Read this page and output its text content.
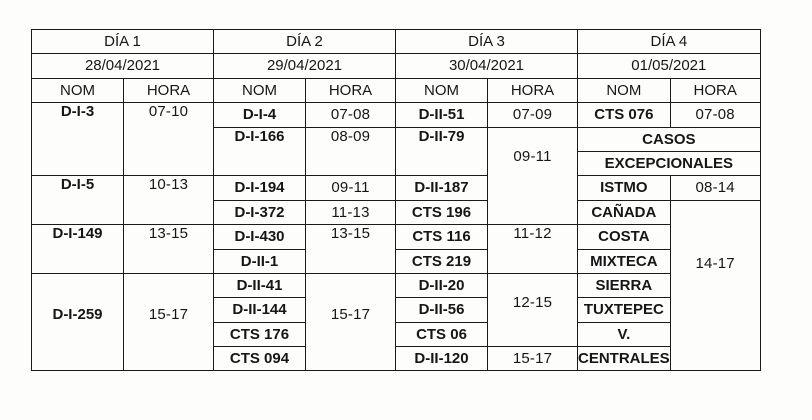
DÍA 1		DÍA 2		DÍA 3		DÍA 4	
28/04/2021		29/04/2021		30/04/2021		01/05/2021	
NOM	HORA	NOM	HORA	NOM	HORA	NOM	HORA
D-I-3	07-10	D-I-4	07-08	D-II-51	07-09	CTS 076	07-08
		D-I-166	08-09	D-II-79	09-11	CASOS	
						EXCEPCIONALES	
D-I-5	10-13	D-I-194	09-11	D-II-187		ISTMO	08-14
		D-I-372	11-13	CTS 196		CAÑADA	14-17
D-I-149	13-15	D-I-430	13-15	CTS 116	11-12	COSTA	
		D-II-1		CTS 219		MIXTECA	
D-I-259	15-17	D-II-41	15-17	D-II-20	12-15	SIERRA	
		D-II-144		D-II-56		TUXTEPEC	
		CTS 176		CTS 06		V.	
		CTS 094		D-II-120	15-17	CENTRALES	
